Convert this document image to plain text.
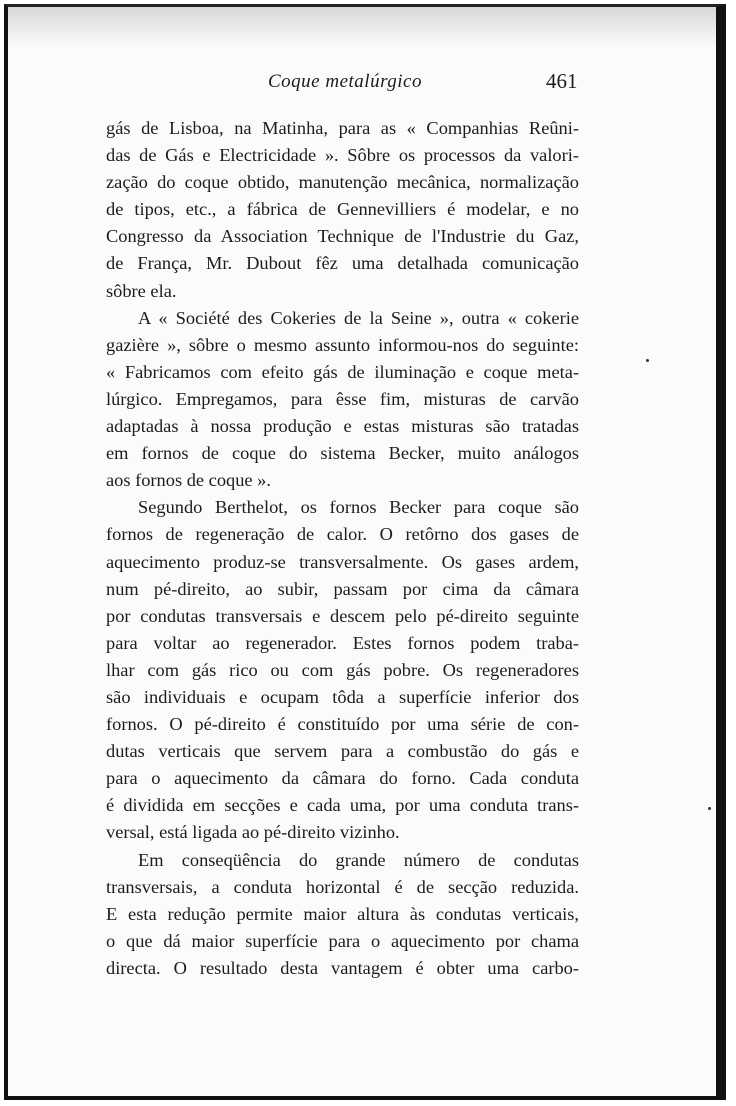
Coque metalúrgico	461
gás de Lisboa, na Matinha, para as « Companhias Reûni-
das de Gás e Electricidade ». Sôbre os processos da valori-
zação do coque obtido, manutenção mecânica, normalização
de tipos, etc., a fábrica de Gennevilliers é modelar, e no
Congresso da Association Technique de l'Industrie du Gaz,
de França, Mr. Dubout fêz uma detalhada comunicação
sôbre ela.
A « Société des Cokeries de la Seine », outra « cokerie
gazière », sôbre o mesmo assunto informou-nos do seguinte:
« Fabricamos com efeito gás de iluminação e coque meta-
lúrgico. Empregamos, para êsse fim, misturas de carvão
adaptadas à nossa produção e estas misturas são tratadas
em fornos de coque do sistema Becker, muito análogos
aos fornos de coque ».
Segundo Berthelot, os fornos Becker para coque são
fornos de regeneração de calor. O retôrno dos gases de
aquecimento produz-se transversalmente. Os gases ardem,
num pé-direito, ao subir, passam por cima da câmara
por condutas transversais e descem pelo pé-direito seguinte
para voltar ao regenerador. Estes fornos podem traba-
lhar com gás rico ou com gás pobre. Os regeneradores
são individuais e ocupam tôda a superfície inferior dos
fornos. O pé-direito é constituído por uma série de con-
dutas verticais que servem para a combustão do gás e
para o aquecimento da câmara do forno. Cada conduta
é dividida em secções e cada uma, por uma conduta trans-
versal, está ligada ao pé-direito vizinho.
Em conseqüência do grande número de condutas
transversais, a conduta horizontal é de secção reduzida.
E esta redução permite maior altura às condutas verticais,
o que dá maior superfície para o aquecimento por chama
directa. O resultado desta vantagem é obter uma carbo-
